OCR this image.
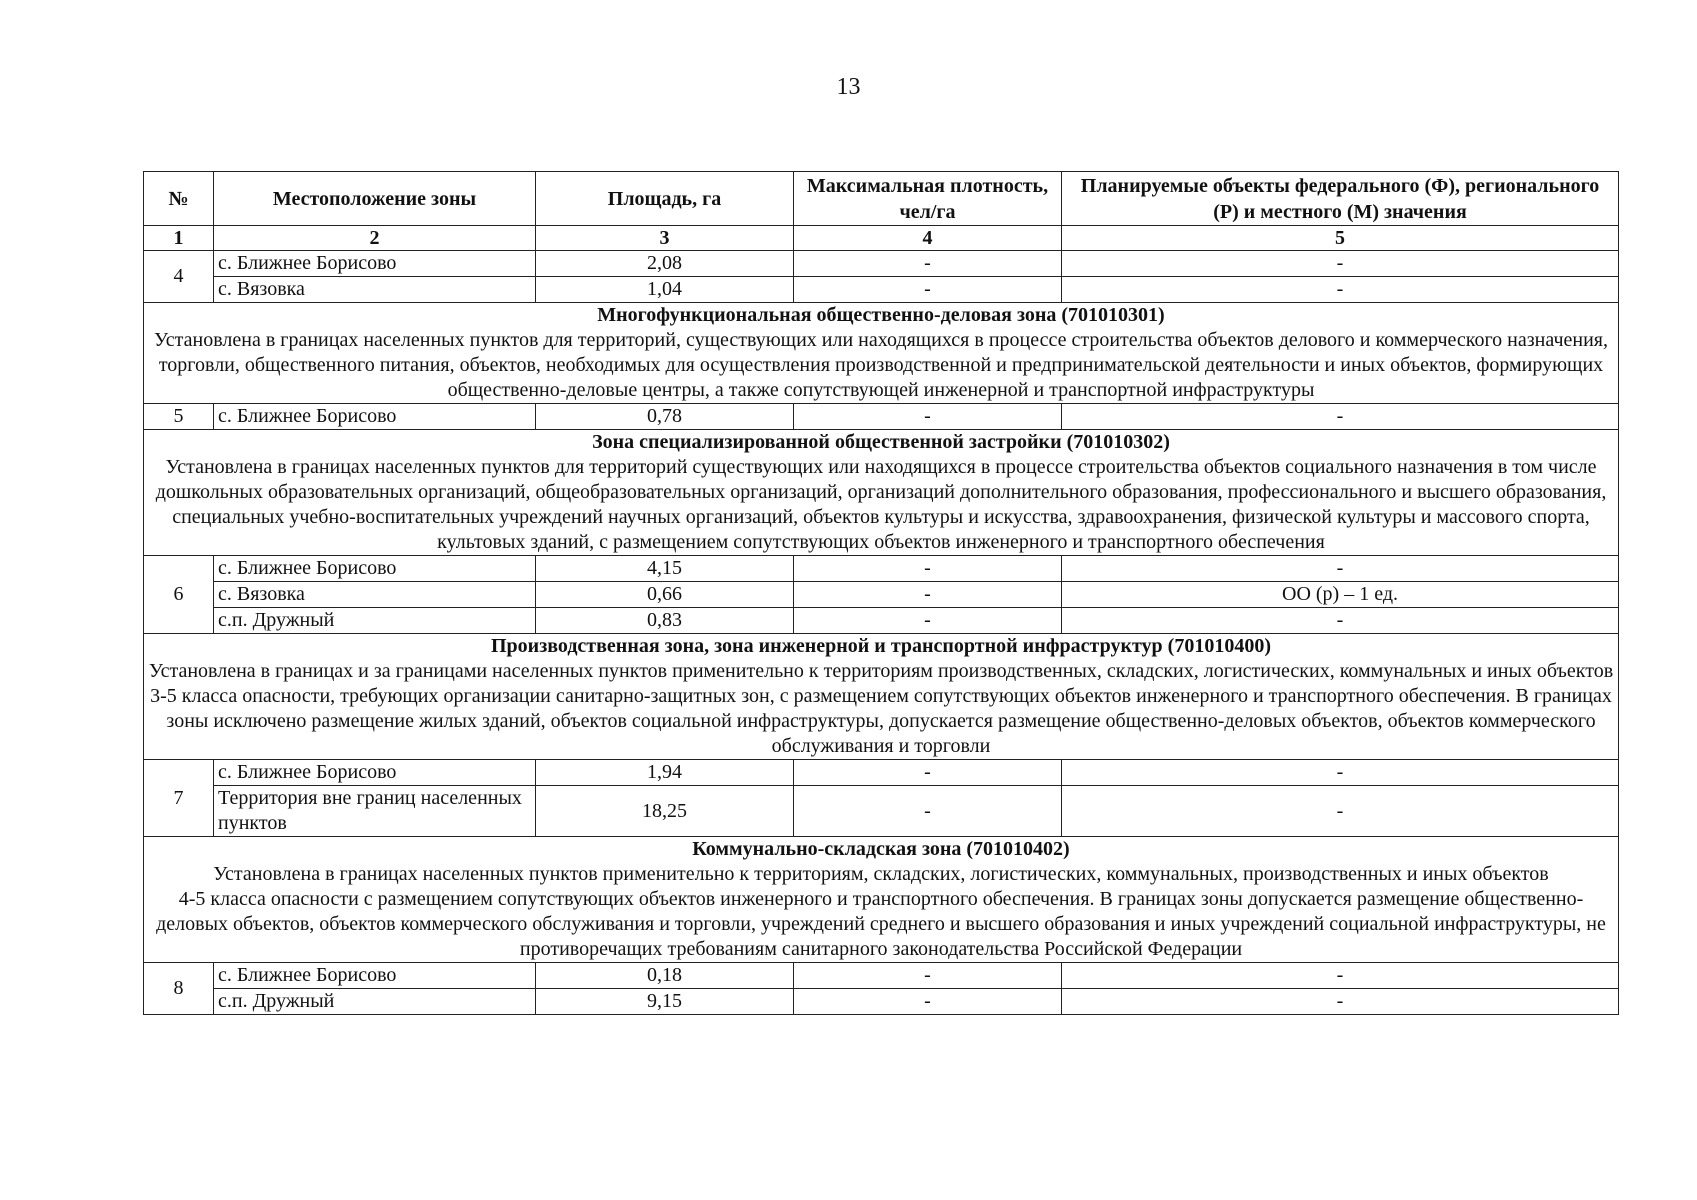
13
№	Местоположение зоны	Площадь, га	Максимальная плотность, чел/га	Планируемые объекты федерального (Ф), регионального (Р) и местного (М) значения
1	2	3	4	5
4	с. Ближнее Борисово	2,08	-	-
	с. Вязовка	1,04	-	-

Многофункциональная общественно-деловая зона (701010301)
Установлена в границах населенных пунктов для территорий, существующих или находящихся в процессе строительства объектов делового и коммерческого назначения, торговли, общественного питания, объектов, необходимых для осуществления производственной и предпринимательской деятельности и иных объектов, формирующих общественно-деловые центры, а также сопутствующей инженерной и транспортной инфраструктуры				

5	с. Ближнее Борисово	0,78	-	-

Зона специализированной общественной застройки (701010302)
Установлена в границах населенных пунктов для территорий существующих или находящихся в процессе строительства объектов социального назначения в том числе дошкольных образовательных организаций, общеобразовательных организаций, организаций дополнительного образования, профессионального и высшего образования, специальных учебно-воспитательных учреждений научных организаций, объектов культуры и искусства, здравоохранения, физической культуры и массового спорта, культовых зданий, с размещением сопутствующих объектов инженерного и транспортного обеспечения				

6	с. Ближнее Борисово	4,15	-	-
	с. Вязовка	0,66	-	ОО (р) – 1 ед.
	с.п. Дружный	0,83	-	-

Производственная зона, зона инженерной и транспортной инфраструктур (701010400)
Установлена в границах и за границами населенных пунктов применительно к территориям производственных, складских, логистических, коммунальных и иных объектов 3-5 класса опасности, требующих организации санитарно-защитных зон, с размещением сопутствующих объектов инженерного и транспортного обеспечения. В границах зоны исключено размещение жилых зданий, объектов социальной инфраструктуры, допускается размещение общественно-деловых объектов, объектов коммерческого обслуживания и торговли				

7	с. Ближнее Борисово	1,94	-	-
	Территория вне границ населенных пунктов	18,25	-	-

Коммунально-складская зона (701010402)
Установлена в границах населенных пунктов применительно к территориям, складских, логистических, коммунальных, производственных и иных объектов
4-5 класса опасности с размещением сопутствующих объектов инженерного и транспортного обеспечения. В границах зоны допускается размещение общественно-деловых объектов, объектов коммерческого обслуживания и торговли, учреждений среднего и высшего образования и иных учреждений социальной инфраструктуры, не противоречащих требованиям санитарного законодательства Российской Федерации				

8	с. Ближнее Борисово	0,18	-	-
	с.п. Дружный	9,15	-	-
